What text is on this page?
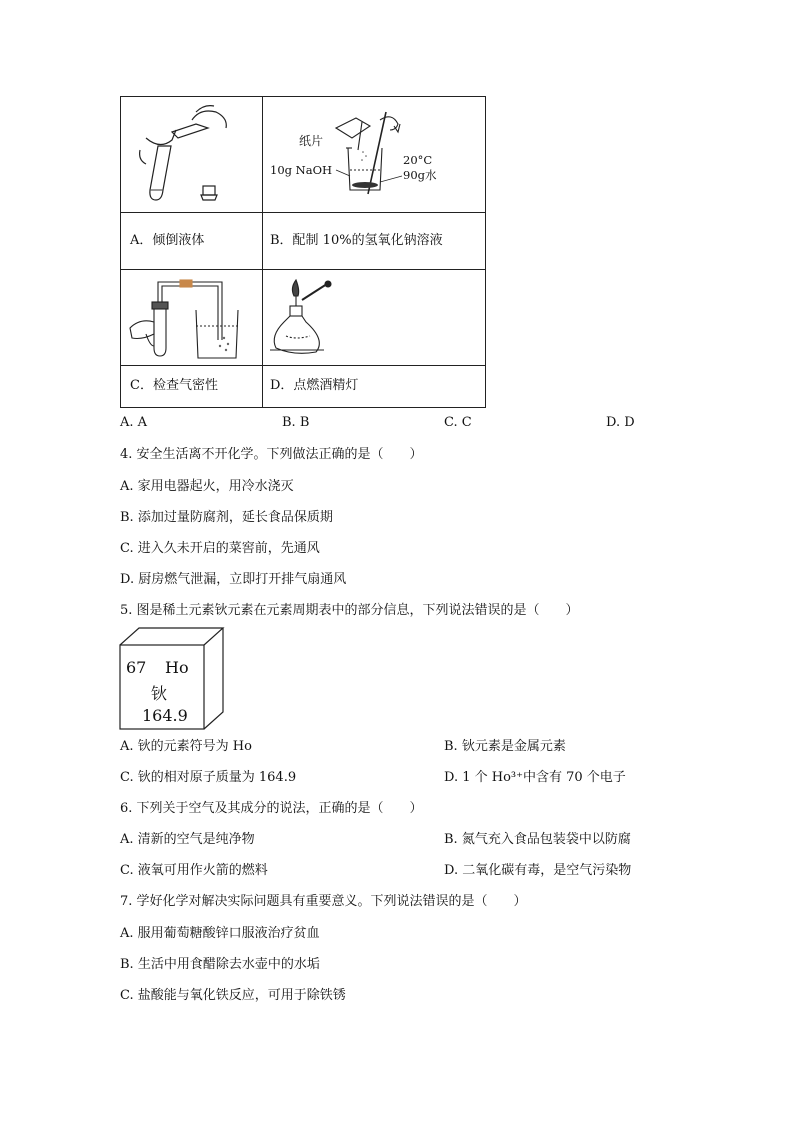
纸片
10g NaOH
20°C
90g水
A．倾倒液体	B．配制 10%的氢氧化钠溶液
C．检查气密性	D．点燃酒精灯
A. A	B. B	C. C	D. D
4. 安全生活离不开化学。下列做法正确的是（　　）
A. 家用电器起火，用冷水浇灭
B. 添加过量防腐剂，延长食品保质期
C. 进入久未开启的菜窖前，先通风
D. 厨房燃气泄漏，立即打开排气扇通风
5. 图是稀土元素钬元素在元素周期表中的部分信息，下列说法错误的是（　　）
67 Ho
钬
164.9
A. 钬的元素符号为 Ho	B. 钬元素是金属元素
C. 钬的相对原子质量为 164.9	D. 1 个 Ho³⁺中含有 70 个电子
6. 下列关于空气及其成分的说法，正确的是（　　）
A. 清新的空气是纯净物	B. 氮气充入食品包装袋中以防腐
C. 液氧可用作火箭的燃料	D. 二氧化碳有毒，是空气污染物
7. 学好化学对解决实际问题具有重要意义。下列说法错误的是（　　）
A. 服用葡萄糖酸锌口服液治疗贫血
B. 生活中用食醋除去水壶中的水垢
C. 盐酸能与氧化铁反应，可用于除铁锈
